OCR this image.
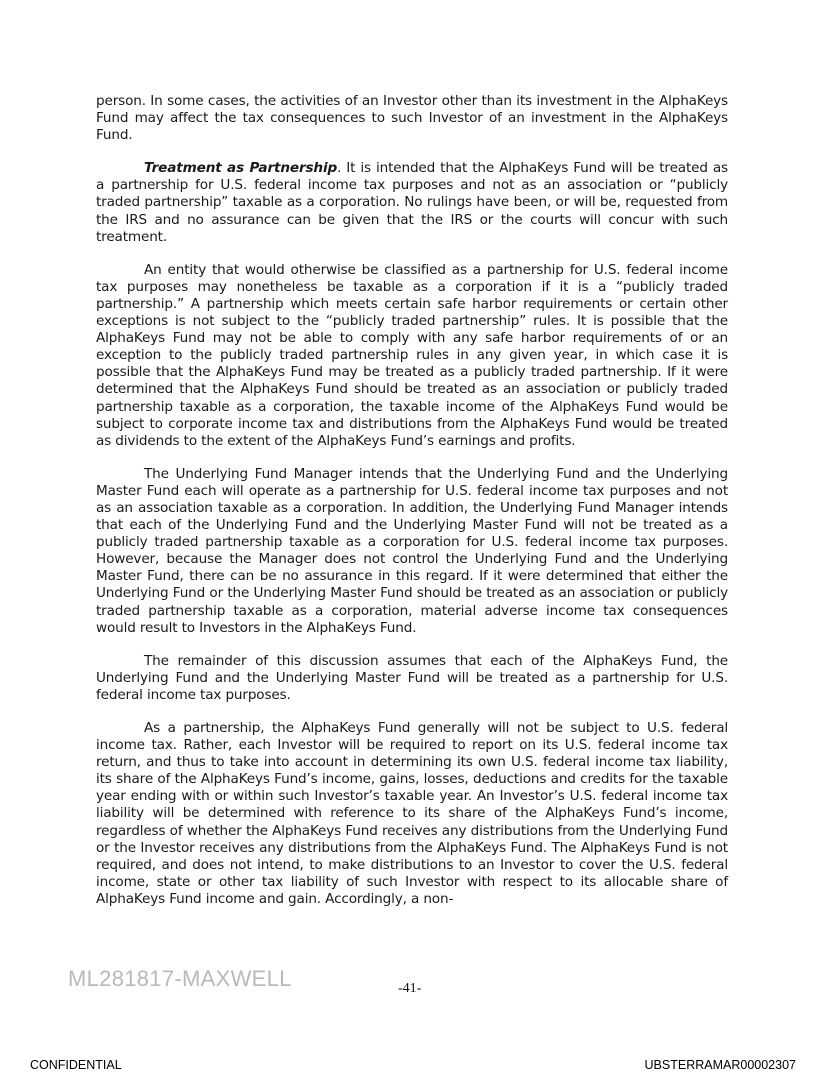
person. In some cases, the activities of an Investor other than its investment in the AlphaKeys Fund may affect the tax consequences to such Investor of an investment in the AlphaKeys Fund.

Treatment as Partnership. It is intended that the AlphaKeys Fund will be treated as a partnership for U.S. federal income tax purposes and not as an association or “publicly traded partnership” taxable as a corporation. No rulings have been, or will be, requested from the IRS and no assurance can be given that the IRS or the courts will concur with such treatment.

An entity that would otherwise be classified as a partnership for U.S. federal income tax purposes may nonetheless be taxable as a corporation if it is a “publicly traded partnership.” A partnership which meets certain safe harbor requirements or certain other exceptions is not subject to the “publicly traded partnership” rules. It is possible that the AlphaKeys Fund may not be able to comply with any safe harbor requirements of or an exception to the publicly traded partnership rules in any given year, in which case it is possible that the AlphaKeys Fund may be treated as a publicly traded partnership. If it were determined that the AlphaKeys Fund should be treated as an association or publicly traded partnership taxable as a corporation, the taxable income of the AlphaKeys Fund would be subject to corporate income tax and distributions from the AlphaKeys Fund would be treated as dividends to the extent of the AlphaKeys Fund’s earnings and profits.

The Underlying Fund Manager intends that the Underlying Fund and the Underlying Master Fund each will operate as a partnership for U.S. federal income tax purposes and not as an association taxable as a corporation. In addition, the Underlying Fund Manager intends that each of the Underlying Fund and the Underlying Master Fund will not be treated as a publicly traded partnership taxable as a corporation for U.S. federal income tax purposes. However, because the Manager does not control the Underlying Fund and the Underlying Master Fund, there can be no assurance in this regard. If it were determined that either the Underlying Fund or the Underlying Master Fund should be treated as an association or publicly traded partnership taxable as a corporation, material adverse income tax consequences would result to Investors in the AlphaKeys Fund.

The remainder of this discussion assumes that each of the AlphaKeys Fund, the Underlying Fund and the Underlying Master Fund will be treated as a partnership for U.S. federal income tax purposes.

As a partnership, the AlphaKeys Fund generally will not be subject to U.S. federal income tax. Rather, each Investor will be required to report on its U.S. federal income tax return, and thus to take into account in determining its own U.S. federal income tax liability, its share of the AlphaKeys Fund’s income, gains, losses, deductions and credits for the taxable year ending with or within such Investor’s taxable year. An Investor’s U.S. federal income tax liability will be determined with reference to its share of the AlphaKeys Fund’s income, regardless of whether the AlphaKeys Fund receives any distributions from the Underlying Fund or the Investor receives any distributions from the AlphaKeys Fund. The AlphaKeys Fund is not required, and does not intend, to make distributions to an Investor to cover the U.S. federal income, state or other tax liability of such Investor with respect to its allocable share of AlphaKeys Fund income and gain. Accordingly, a non-

ML281817-MAXWELL	-41-
CONFIDENTIAL	UBSTERRAMAR00002307
